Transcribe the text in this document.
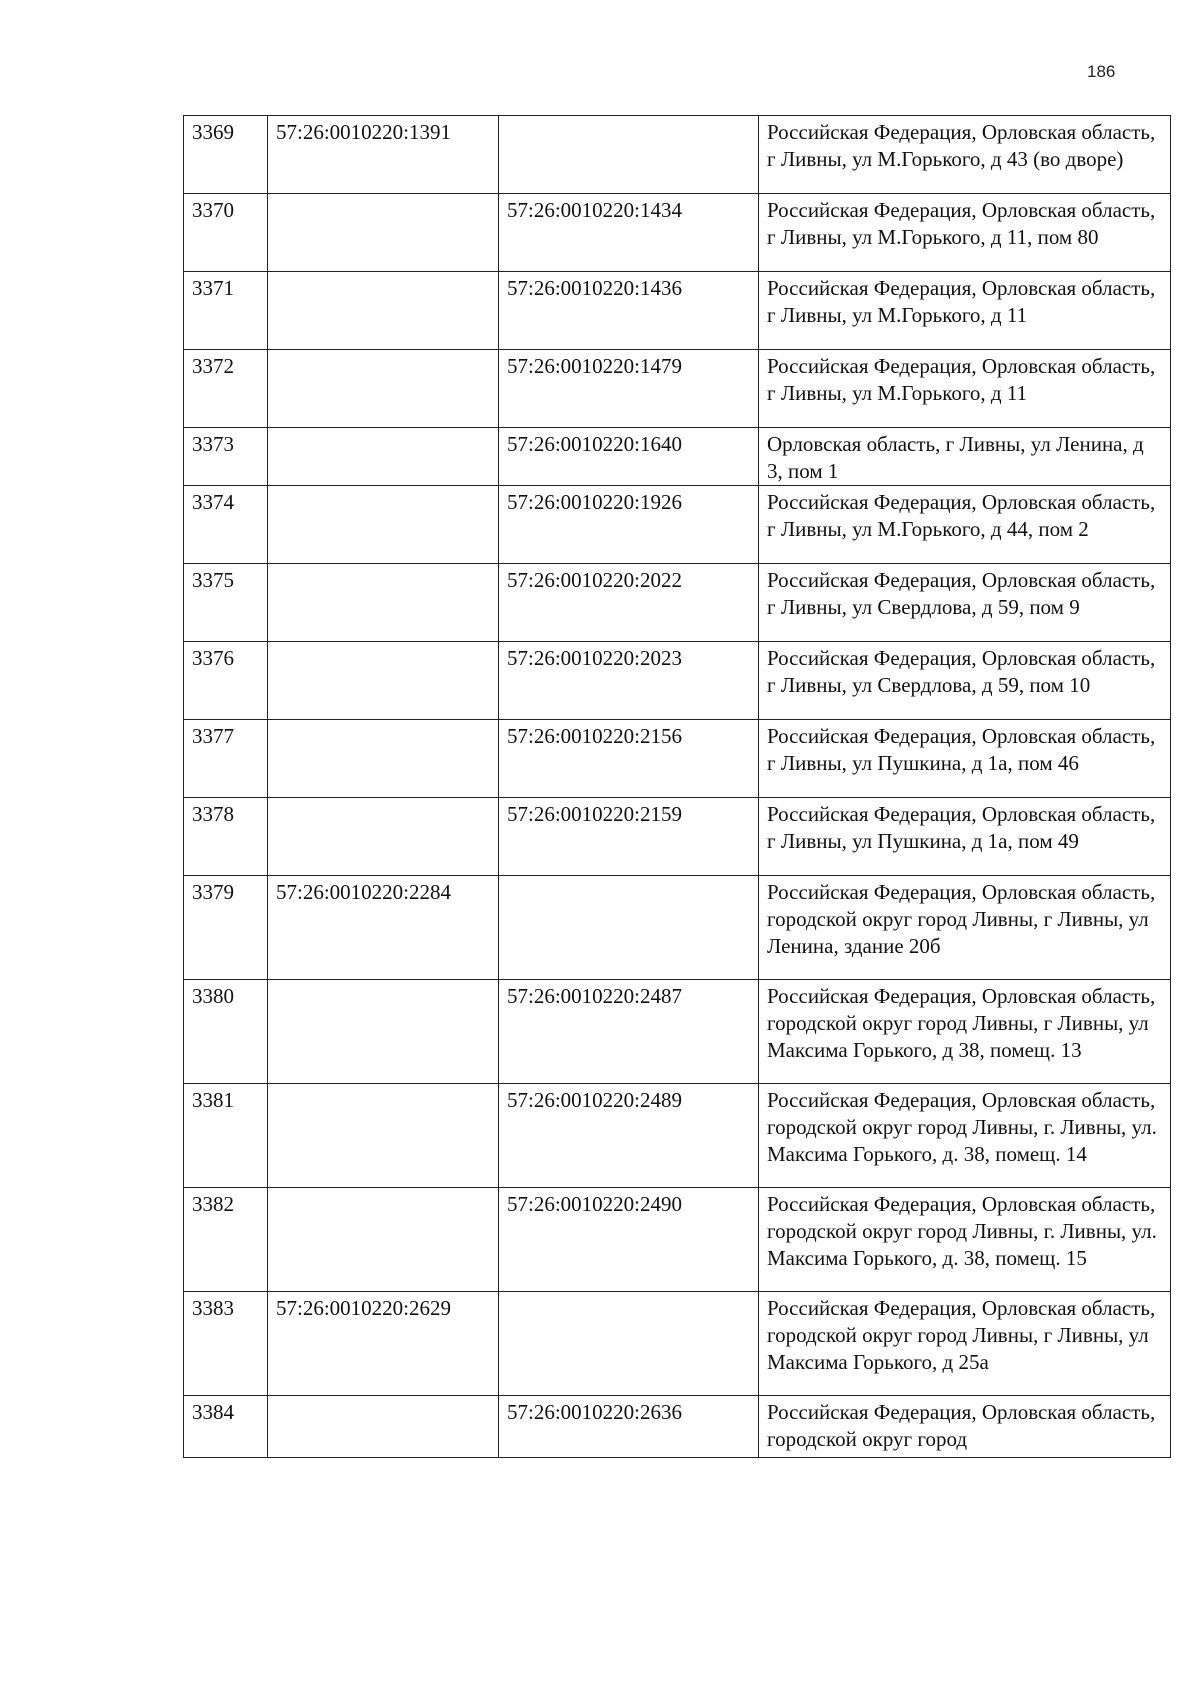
186
3369	57:26:0010220:1391		Российская Федерация, Орловская область, г Ливны, ул М.Горького, д 43 (во дворе)
3370		57:26:0010220:1434	Российская Федерация, Орловская область, г Ливны, ул М.Горького, д 11, пом 80
3371		57:26:0010220:1436	Российская Федерация, Орловская область, г Ливны, ул М.Горького, д 11
3372		57:26:0010220:1479	Российская Федерация, Орловская область, г Ливны, ул М.Горького, д 11
3373		57:26:0010220:1640	Орловская область, г Ливны, ул Ленина, д 3, пом 1
3374		57:26:0010220:1926	Российская Федерация, Орловская область, г Ливны, ул М.Горького, д 44, пом 2
3375		57:26:0010220:2022	Российская Федерация, Орловская область, г Ливны, ул Свердлова, д 59, пом 9
3376		57:26:0010220:2023	Российская Федерация, Орловская область, г Ливны, ул Свердлова, д 59, пом 10
3377		57:26:0010220:2156	Российская Федерация, Орловская область, г Ливны, ул Пушкина, д 1а, пом 46
3378		57:26:0010220:2159	Российская Федерация, Орловская область, г Ливны, ул Пушкина, д 1а, пом 49
3379	57:26:0010220:2284		Российская Федерация, Орловская область, городской округ город Ливны, г Ливны, ул Ленина, здание 20б
3380		57:26:0010220:2487	Российская Федерация, Орловская область, городской округ город Ливны, г Ливны, ул Максима Горького, д 38, помещ. 13
3381		57:26:0010220:2489	Российская Федерация, Орловская область, городской округ город Ливны, г. Ливны, ул. Максима Горького, д. 38, помещ. 14
3382		57:26:0010220:2490	Российская Федерация, Орловская область, городской округ город Ливны, г. Ливны, ул. Максима Горького, д. 38, помещ. 15
3383	57:26:0010220:2629		Российская Федерация, Орловская область, городской округ город Ливны, г Ливны, ул Максима Горького, д 25а
3384		57:26:0010220:2636	Российская Федерация, Орловская область, городской округ город
